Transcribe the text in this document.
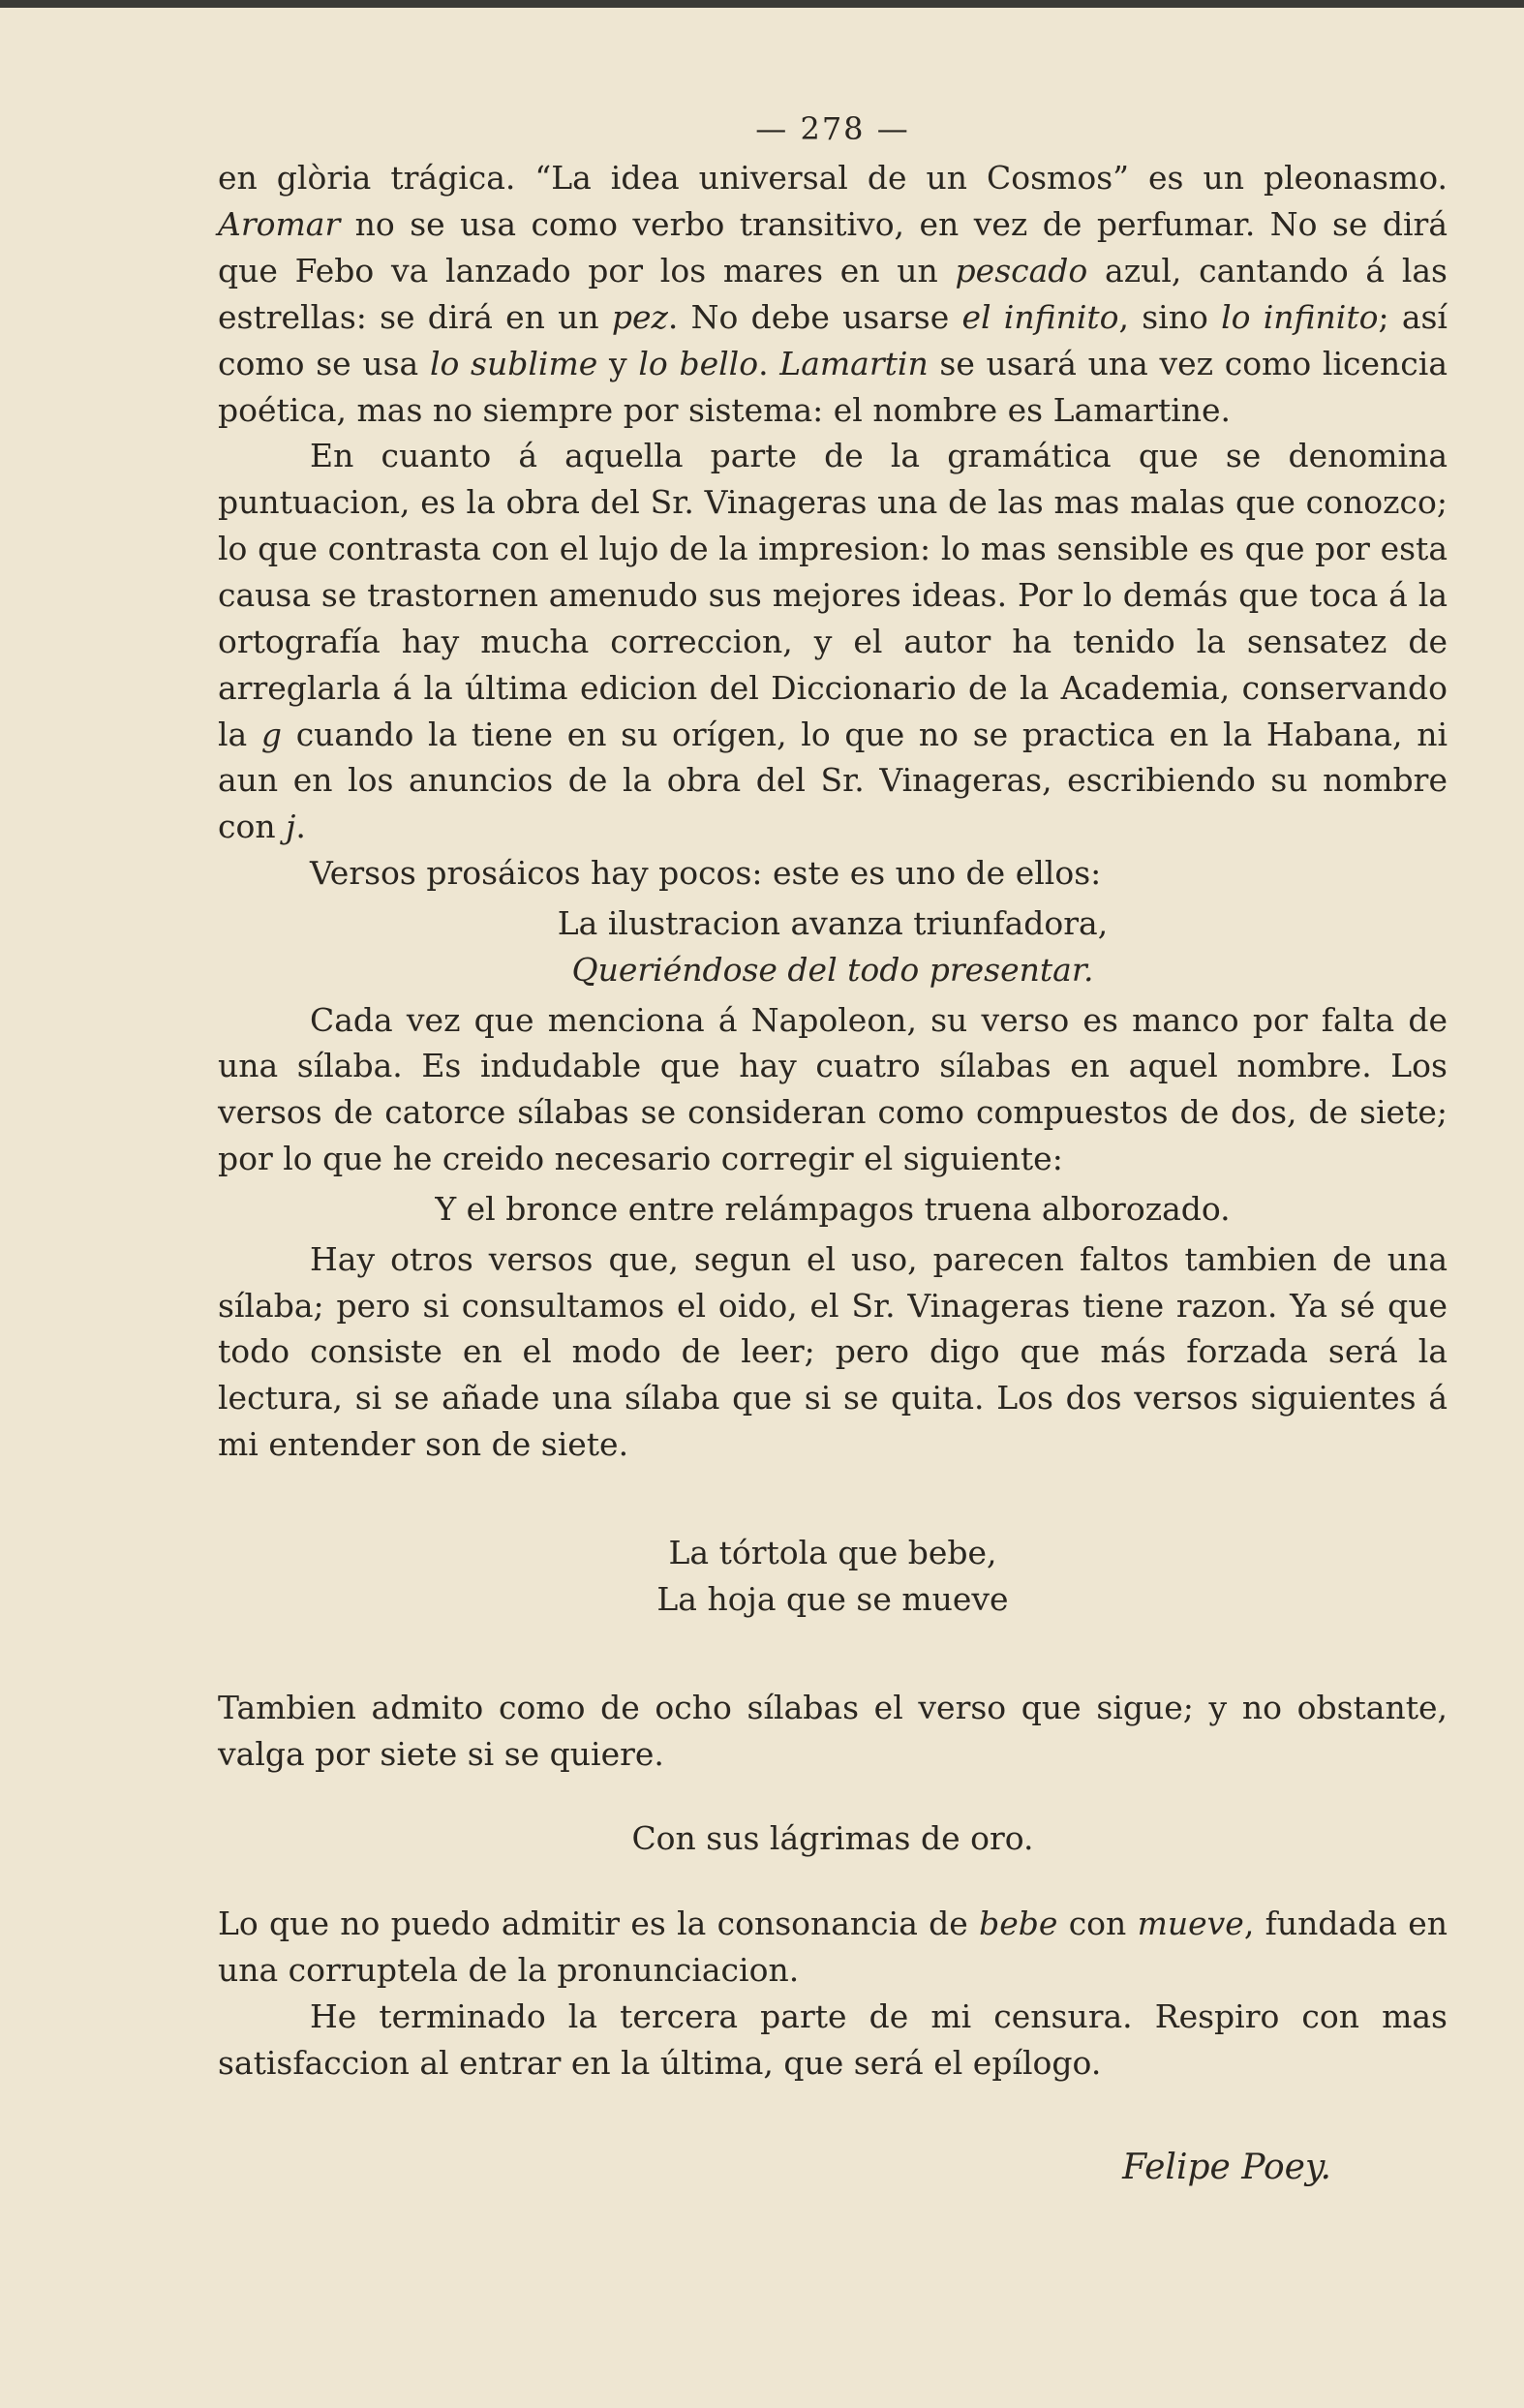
— 278 —

en glòria trágica. “La idea universal de un Cosmos” es un pleonasmo. Aromar no se usa como verbo transitivo, en vez de perfumar. No se dirá que Febo va lanzado por los mares en un pescado azul, cantando á las estrellas: se dirá en un pez. No debe usarse el infinito, sino lo infinito; así como se usa lo sublime y lo bello. Lamartin se usará una vez como licencia poética, mas no siempre por sistema: el nombre es Lamartine.

En cuanto á aquella parte de la gramática que se denomina puntuacion, es la obra del Sr. Vinageras una de las mas malas que conozco; lo que contrasta con el lujo de la impresion: lo mas sensible es que por esta causa se trastornen amenudo sus mejores ideas. Por lo demás que toca á la ortografía hay mucha correccion, y el autor ha tenido la sensatez de arreglarla á la última edicion del Diccionario de la Academia, conservando la g cuando la tiene en su orígen, lo que no se practica en la Habana, ni aun en los anuncios de la obra del Sr. Vinageras, escribiendo su nombre con j.

Versos prosáicos hay pocos: este es uno de ellos:

La ilustracion avanza triunfadora,

Queriéndose del todo presentar.

Cada vez que menciona á Napoleon, su verso es manco por falta de una sílaba. Es indudable que hay cuatro sílabas en aquel nombre. Los versos de catorce sílabas se consideran como compuestos de dos, de siete; por lo que he creido necesario corregir el siguiente:

Y el bronce entre relámpagos truena alborozado.

Hay otros versos que, segun el uso, parecen faltos tambien de una sílaba; pero si consultamos el oido, el Sr. Vinageras tiene razon. Ya sé que todo consiste en el modo de leer; pero digo que más forzada será la lectura, si se añade una sílaba que si se quita. Los dos versos siguientes á mi entender son de siete.

La tórtola que bebe,

La hoja que se mueve

Tambien admito como de ocho sílabas el verso que sigue; y no obstante, valga por siete si se quiere.

Con sus lágrimas de oro.

Lo que no puedo admitir es la consonancia de bebe con mueve, fundada en una corruptela de la pronunciacion.

He terminado la tercera parte de mi censura. Respiro con mas satisfaccion al entrar en la última, que será el epílogo.

Felipe Poey.
